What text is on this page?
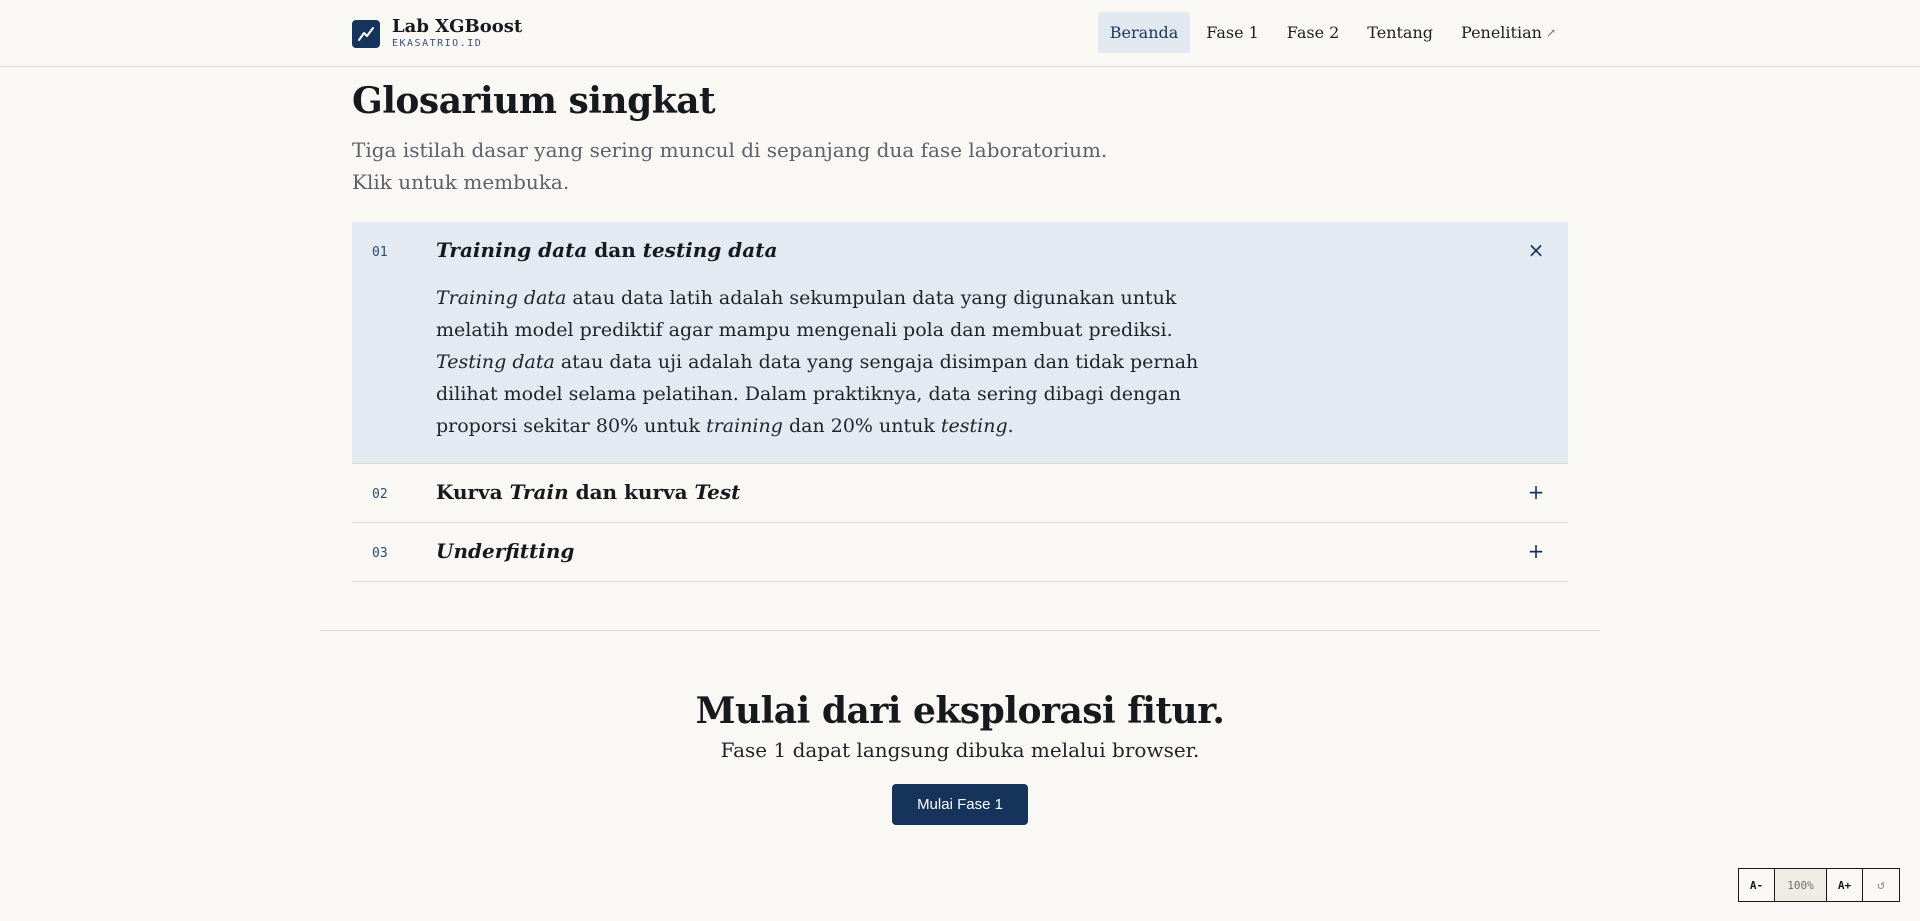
Lab XGBoost
EKASATRIO.ID
Beranda Fase 1 Fase 2 Tentang Penelitian ↗
Glosarium singkat

Tiga istilah dasar yang sering muncul di sepanjang dua fase laboratorium. Klik untuk membuka.

01 Training data dan testing data	×
Training data atau data latih adalah sekumpulan data yang digunakan untuk melatih model prediktif agar mampu mengenali pola dan membuat prediksi. Testing data atau data uji adalah data yang sengaja disimpan dan tidak pernah dilihat model selama pelatihan. Dalam praktiknya, data sering dibagi dengan proporsi sekitar 80% untuk training dan 20% untuk testing.
02 Kurva Train dan kurva Test	+
03 Underfitting	+
Mulai dari eksplorasi fitur.

Fase 1 dapat langsung dibuka melalui browser.

Mulai Fase 1
A-	100%	A+	↺
